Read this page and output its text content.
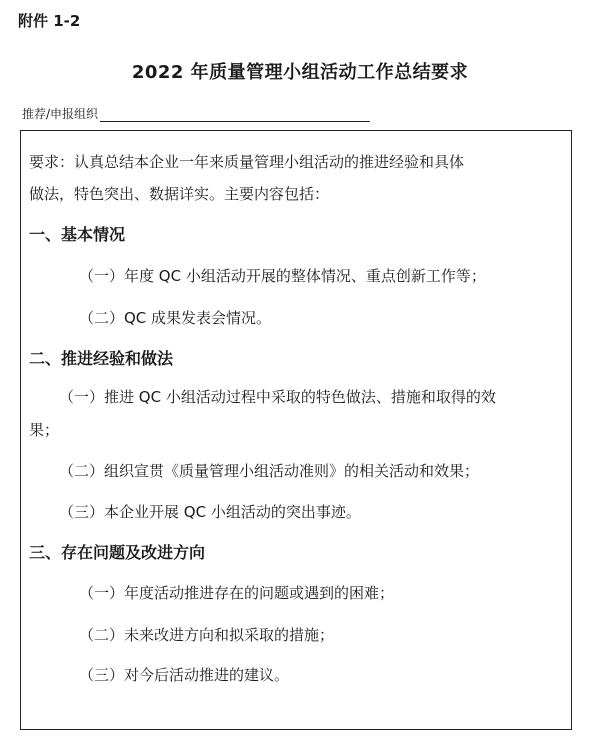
附件 1-2
2022 年质量管理小组活动工作总结要求
推荐/申报组织
要求：认真总结本企业一年来质量管理小组活动的推进经验和具体
做法，特色突出、数据详实。主要内容包括：
一、基本情况
（一）年度 QC 小组活动开展的整体情况、重点创新工作等；
（二）QC 成果发表会情况。
二、推进经验和做法
（一）推进 QC 小组活动过程中采取的特色做法、措施和取得的效
果；
（二）组织宣贯《质量管理小组活动准则》的相关活动和效果；
（三）本企业开展 QC 小组活动的突出事迹。
三、存在问题及改进方向
（一）年度活动推进存在的问题或遇到的困难；
（二）未来改进方向和拟采取的措施；
（三）对今后活动推进的建议。
